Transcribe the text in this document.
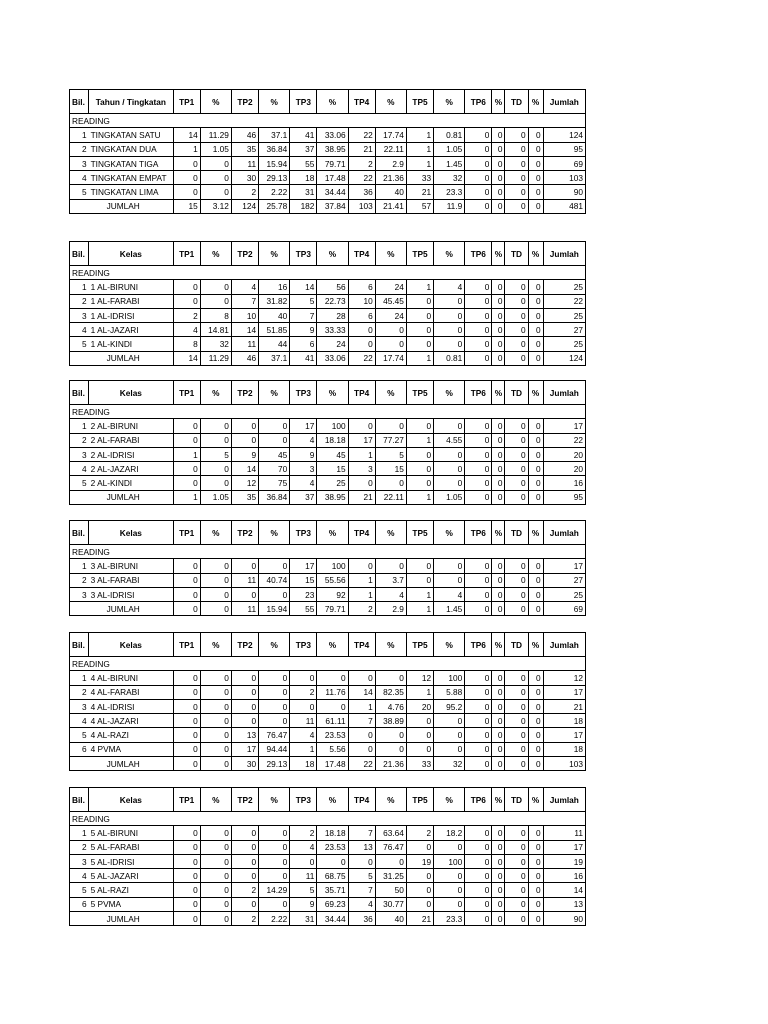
Bil.	Tahun / Tingkatan	TP1	%	TP2	%	TP3	%	TP4	%	TP5	%	TP6	%	TD	%	Jumlah
READING																
1	TINGKATAN SATU	14	11.29	46	37.1	41	33.06	22	17.74	1	0.81	0	0	0	0	124
2	TINGKATAN DUA	1	1.05	35	36.84	37	38.95	21	22.11	1	1.05	0	0	0	0	95
3	TINGKATAN TIGA	0	0	11	15.94	55	79.71	2	2.9	1	1.45	0	0	0	0	69
4	TINGKATAN EMPAT	0	0	30	29.13	18	17.48	22	21.36	33	32	0	0	0	0	103
5	TINGKATAN LIMA	0	0	2	2.22	31	34.44	36	40	21	23.3	0	0	0	0	90
	JUMLAH	15	3.12	124	25.78	182	37.84	103	21.41	57	11.9	0	0	0	0	481
Bil.	Kelas	TP1	%	TP2	%	TP3	%	TP4	%	TP5	%	TP6	%	TD	%	Jumlah
READING																
1	1 AL-BIRUNI	0	0	4	16	14	56	6	24	1	4	0	0	0	0	25
2	1 AL-FARABI	0	0	7	31.82	5	22.73	10	45.45	0	0	0	0	0	0	22
3	1 AL-IDRISI	2	8	10	40	7	28	6	24	0	0	0	0	0	0	25
4	1 AL-JAZARI	4	14.81	14	51.85	9	33.33	0	0	0	0	0	0	0	0	27
5	1 AL-KINDI	8	32	11	44	6	24	0	0	0	0	0	0	0	0	25
	JUMLAH	14	11.29	46	37.1	41	33.06	22	17.74	1	0.81	0	0	0	0	124
Bil.	Kelas	TP1	%	TP2	%	TP3	%	TP4	%	TP5	%	TP6	%	TD	%	Jumlah
READING																
1	2 AL-BIRUNI	0	0	0	0	17	100	0	0	0	0	0	0	0	0	17
2	2 AL-FARABI	0	0	0	0	4	18.18	17	77.27	1	4.55	0	0	0	0	22
3	2 AL-IDRISI	1	5	9	45	9	45	1	5	0	0	0	0	0	0	20
4	2 AL-JAZARI	0	0	14	70	3	15	3	15	0	0	0	0	0	0	20
5	2 AL-KINDI	0	0	12	75	4	25	0	0	0	0	0	0	0	0	16
	JUMLAH	1	1.05	35	36.84	37	38.95	21	22.11	1	1.05	0	0	0	0	95
Bil.	Kelas	TP1	%	TP2	%	TP3	%	TP4	%	TP5	%	TP6	%	TD	%	Jumlah
READING																
1	3 AL-BIRUNI	0	0	0	0	17	100	0	0	0	0	0	0	0	0	17
2	3 AL-FARABI	0	0	11	40.74	15	55.56	1	3.7	0	0	0	0	0	0	27
3	3 AL-IDRISI	0	0	0	0	23	92	1	4	1	4	0	0	0	0	25
	JUMLAH	0	0	11	15.94	55	79.71	2	2.9	1	1.45	0	0	0	0	69
Bil.	Kelas	TP1	%	TP2	%	TP3	%	TP4	%	TP5	%	TP6	%	TD	%	Jumlah
READING																
1	4 AL-BIRUNI	0	0	0	0	0	0	0	0	12	100	0	0	0	0	12
2	4 AL-FARABI	0	0	0	0	2	11.76	14	82.35	1	5.88	0	0	0	0	17
3	4 AL-IDRISI	0	0	0	0	0	0	1	4.76	20	95.2	0	0	0	0	21
4	4 AL-JAZARI	0	0	0	0	11	61.11	7	38.89	0	0	0	0	0	0	18
5	4 AL-RAZI	0	0	13	76.47	4	23.53	0	0	0	0	0	0	0	0	17
6	4 PVMA	0	0	17	94.44	1	5.56	0	0	0	0	0	0	0	0	18
	JUMLAH	0	0	30	29.13	18	17.48	22	21.36	33	32	0	0	0	0	103
Bil.	Kelas	TP1	%	TP2	%	TP3	%	TP4	%	TP5	%	TP6	%	TD	%	Jumlah
READING																
1	5 AL-BIRUNI	0	0	0	0	2	18.18	7	63.64	2	18.2	0	0	0	0	11
2	5 AL-FARABI	0	0	0	0	4	23.53	13	76.47	0	0	0	0	0	0	17
3	5 AL-IDRISI	0	0	0	0	0	0	0	0	19	100	0	0	0	0	19
4	5 AL-JAZARI	0	0	0	0	11	68.75	5	31.25	0	0	0	0	0	0	16
5	5 AL-RAZI	0	0	2	14.29	5	35.71	7	50	0	0	0	0	0	0	14
6	5 PVMA	0	0	0	0	9	69.23	4	30.77	0	0	0	0	0	0	13
	JUMLAH	0	0	2	2.22	31	34.44	36	40	21	23.3	0	0	0	0	90
